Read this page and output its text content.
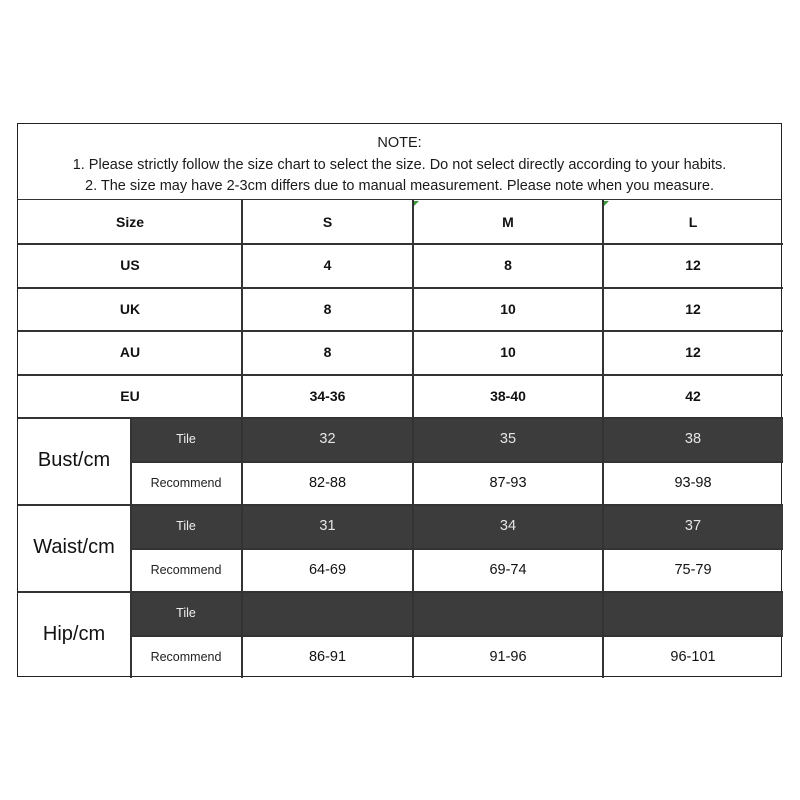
NOTE:
1. Please strictly follow the size chart to select the size. Do not select directly according to your habits.
2. The size may have 2-3cm differs due to manual measurement. Please note when you measure.
Size	S	M	L
US	4	8	12
UK	8	10	12
AU	8	10	12
EU	34-36	38-40	42
Bust/cm
Tile	32	35	38
Recommend	82-88	87-93	93-98
Waist/cm
Tile	31	34	37
Recommend	64-69	69-74	75-79
Hip/cm
Tile
Recommend	86-91	91-96	96-101
